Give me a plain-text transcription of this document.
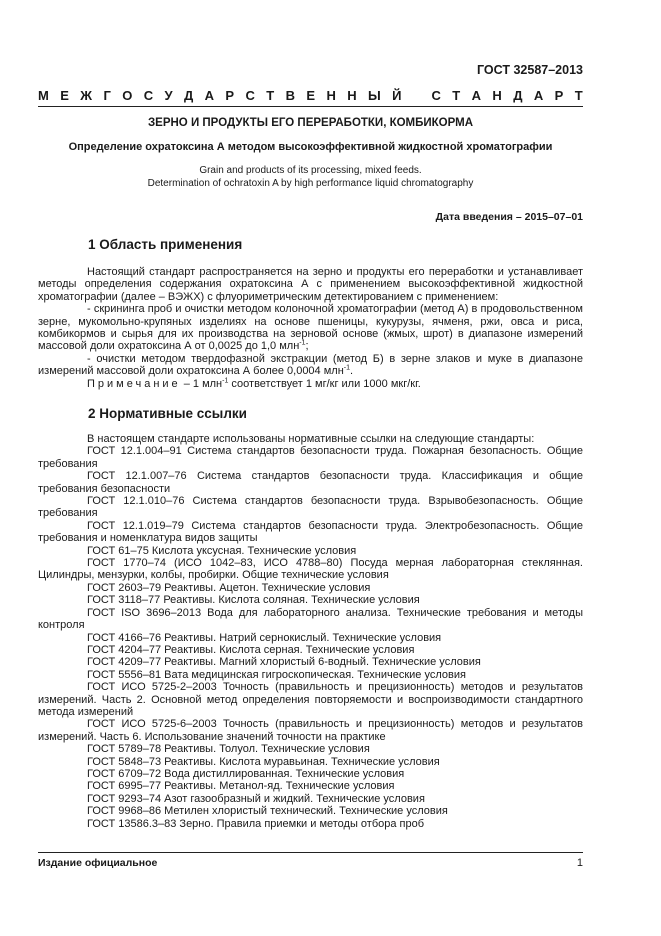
ГОСТ 32587–2013
М Е Ж Г О С У Д А Р С Т В Е Н Н Ы Й
С Т А Н Д А Р Т
ЗЕРНО И ПРОДУКТЫ ЕГО ПЕРЕРАБОТКИ, КОМБИКОРМА
Определение охратоксина А методом высокоэффективной жидкостной хроматографии
Grain and products of its processing, mixed feeds.
Determination of ochratoxin A by high performance liquid chromatography
Дата введения – 2015–07–01
1 Область применения

Настоящий стандарт распространяется на зерно и продукты его переработки и устанавливает методы определения содержания охратоксина А с применением высокоэффективной жидкостной хроматографии (далее – ВЭЖХ) с флуориметрическим детектированием с применением:

- скрининга проб и очистки методом колоночной хроматографии (метод А) в продовольственном зерне, мукомольно-крупяных изделиях на основе пшеницы, кукурузы, ячменя, ржи, овса и риса, комбикормов и сырья для их производства на зерновой основе (жмых, шрот) в диапазоне измерений массовой доли охратоксина А от 0,0025 до 1,0 млн$^{-1}$;

- очистки методом твердофазной экстракции (метод Б) в зерне злаков и муке в диапазоне измерений массовой доли охратоксина А более 0,0004 млн$^{-1}$.

Примечание – 1 млн$^{-1}$ соответствует 1 мг/кг или 1000 мкг/кг.

2 Нормативные ссылки

В настоящем стандарте использованы нормативные ссылки на следующие стандарты:

ГОСТ 12.1.004–91 Система стандартов безопасности труда. Пожарная безопасность. Общие требования

ГОСТ 12.1.007–76 Система стандартов безопасности труда. Классификация и общие требования безопасности

ГОСТ 12.1.010–76 Система стандартов безопасности труда. Взрывобезопасность. Общие требования

ГОСТ 12.1.019–79 Система стандартов безопасности труда. Электробезопасность. Общие требования и номенклатура видов защиты

ГОСТ 61–75 Кислота уксусная. Технические условия

ГОСТ 1770–74 (ИСО 1042–83, ИСО 4788–80) Посуда мерная лабораторная стеклянная. Цилиндры, мензурки, колбы, пробирки. Общие технические условия

ГОСТ 2603–79 Реактивы. Ацетон. Технические условия

ГОСТ 3118–77 Реактивы. Кислота соляная. Технические условия

ГОСТ ISO 3696–2013 Вода для лабораторного анализа. Технические требования и методы контроля

ГОСТ 4166–76 Реактивы. Натрий сернокислый. Технические условия

ГОСТ 4204–77 Реактивы. Кислота серная. Технические условия

ГОСТ 4209–77 Реактивы. Магний хлористый 6-водный. Технические условия

ГОСТ 5556–81 Вата медицинская гигроскопическая. Технические условия

ГОСТ ИСО 5725-2–2003 Точность (правильность и прецизионность) методов и результатов измерений. Часть 2. Основной метод определения повторяемости и воспроизводимости стандартного метода измерений

ГОСТ ИСО 5725-6–2003 Точность (правильность и прецизионность) методов и результатов измерений. Часть 6. Использование значений точности на практике

ГОСТ 5789–78 Реактивы. Толуол. Технические условия

ГОСТ 5848–73 Реактивы. Кислота муравьиная. Технические условия

ГОСТ 6709–72 Вода дистиллированная. Технические условия

ГОСТ 6995–77 Реактивы. Метанол-яд. Технические условия

ГОСТ 9293–74 Азот газообразный и жидкий. Технические условия

ГОСТ 9968–86 Метилен хлористый технический. Технические условия

ГОСТ 13586.3–83 Зерно. Правила приемки и методы отбора проб

Издание официальное	1
